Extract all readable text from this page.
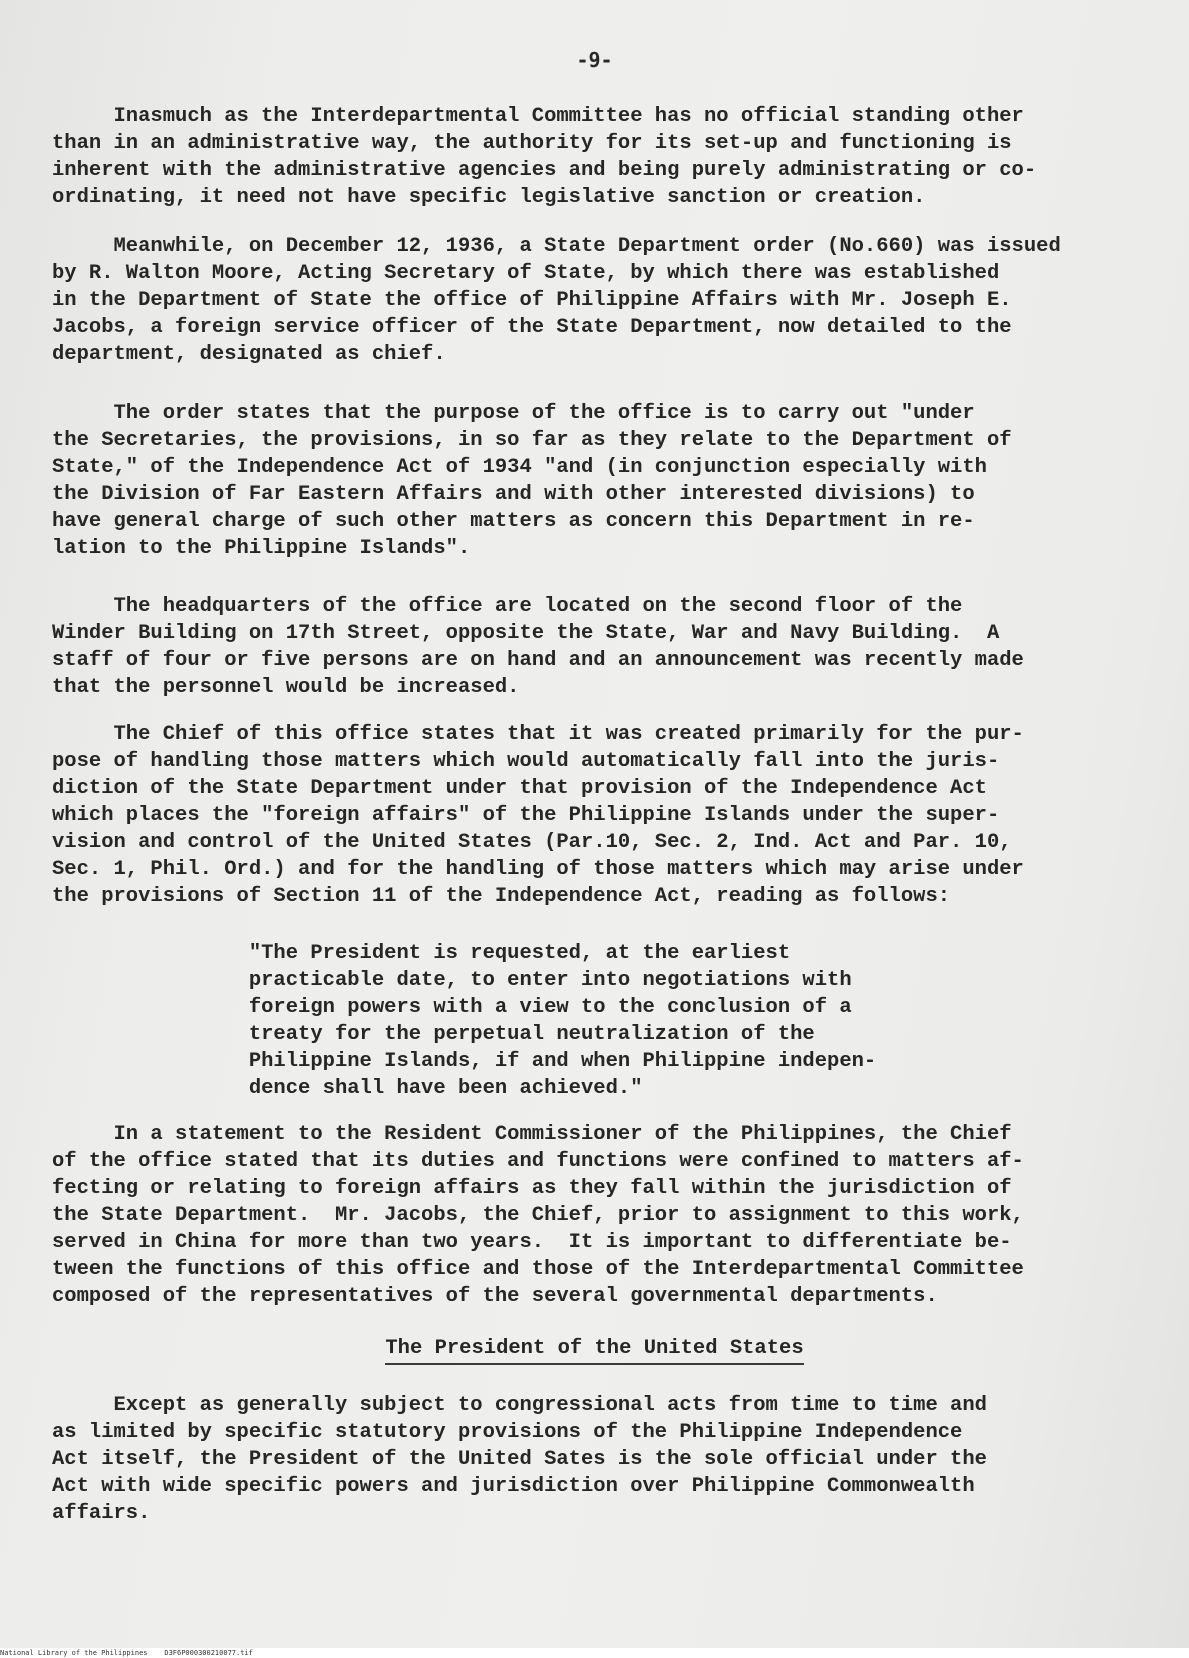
-9-

Inasmuch as the Interdepartmental Committee has no official standing other
than in an administrative way, the authority for its set-up and functioning is
inherent with the administrative agencies and being purely administrating or co-
ordinating, it need not have specific legislative sanction or creation.

Meanwhile, on December 12, 1936, a State Department order (No.660) was issued
by R. Walton Moore, Acting Secretary of State, by which there was established
in the Department of State the office of Philippine Affairs with Mr. Joseph E.
Jacobs, a foreign service officer of the State Department, now detailed to the
department, designated as chief.

The order states that the purpose of the office is to carry out "under
the Secretaries, the provisions, in so far as they relate to the Department of
State," of the Independence Act of 1934 "and (in conjunction especially with
the Division of Far Eastern Affairs and with other interested divisions) to
have general charge of such other matters as concern this Department in re-
lation to the Philippine Islands".

The headquarters of the office are located on the second floor of the
Winder Building on 17th Street, opposite the State, War and Navy Building.  A
staff of four or five persons are on hand and an announcement was recently made
that the personnel would be increased.

The Chief of this office states that it was created primarily for the pur-
pose of handling those matters which would automatically fall into the juris-
diction of the State Department under that provision of the Independence Act
which places the "foreign affairs" of the Philippine Islands under the super-
vision and control of the United States (Par.10, Sec. 2, Ind. Act and Par. 10,
Sec. 1, Phil. Ord.) and for the handling of those matters which may arise under
the provisions of Section 11 of the Independence Act, reading as follows:

"The President is requested, at the earliest
practicable date, to enter into negotiations with
foreign powers with a view to the conclusion of a
treaty for the perpetual neutralization of the
Philippine Islands, if and when Philippine indepen-
dence shall have been achieved."

In a statement to the Resident Commissioner of the Philippines, the Chief
of the office stated that its duties and functions were confined to matters af-
fecting or relating to foreign affairs as they fall within the jurisdiction of
the State Department.  Mr. Jacobs, the Chief, prior to assignment to this work,
served in China for more than two years.  It is important to differentiate be-
tween the functions of this office and those of the Interdepartmental Committee
composed of the representatives of the several governmental departments.

The President of the United States

Except as generally subject to congressional acts from time to time and
as limited by specific statutory provisions of the Philippine Independence
Act itself, the President of the United Sates is the sole official under the
Act with wide specific powers and jurisdiction over Philippine Commonwealth
affairs.

National Library of the Philippines    D3F6P000300210077.tif
